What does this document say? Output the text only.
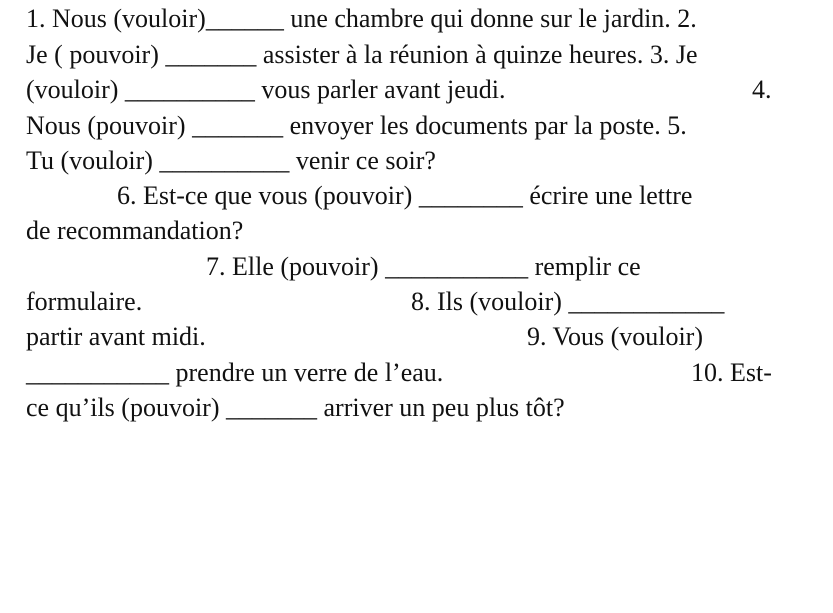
1. Nous (vouloir)______ une chambre qui donne sur le jardin. 2.
Je ( pouvoir) _______ assister à la réunion à quinze heures. 3. Je
(vouloir) __________ vous parler avant jeudi.	4.
Nous (pouvoir) _______ envoyer les documents par la poste. 5.
Tu (vouloir) __________ venir ce soir?
6. Est-ce que vous (pouvoir) ________ écrire une lettre
de recommandation?
7. Elle (pouvoir) ___________ remplir ce
formulaire.	8. Ils (vouloir) ____________
partir avant midi.	9. Vous (vouloir)
___________ prendre un verre de l’eau.	10. Est-
ce qu’ils (pouvoir) _______ arriver un peu plus tôt?
